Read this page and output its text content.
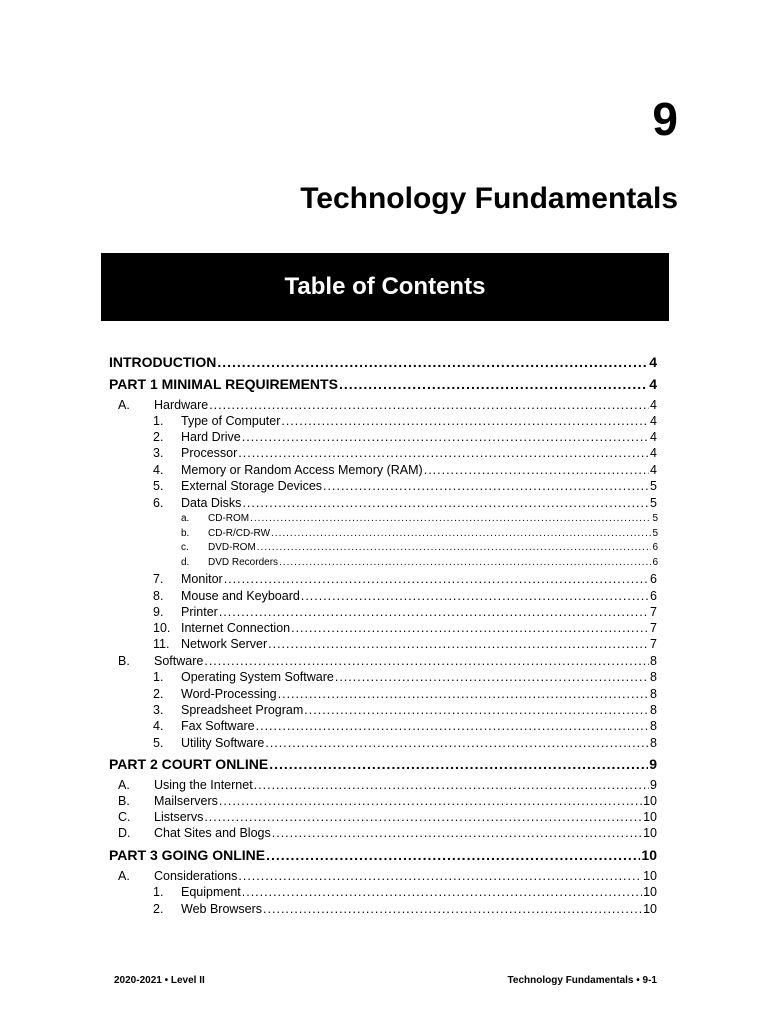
9
Technology Fundamentals
Table of Contents
INTRODUCTION .....	4
PART 1 MINIMAL REQUIREMENTS .....	4
A. Hardware .....	4
1. Type of Computer .....	4
2. Hard Drive .....	4
3. Processor .....	4
4. Memory or Random Access Memory (RAM) .....	4
5. External Storage Devices .....	5
6. Data Disks .....	5
a. CD-ROM .....	5
b. CD-R/CD-RW .....	5
c. DVD-ROM .....	6
d. DVD Recorders .....	6
7. Monitor .....	6
8. Mouse and Keyboard .....	6
9. Printer .....	7
10. Internet Connection .....	7
11. Network Server .....	7
B. Software .....	8
1. Operating System Software .....	8
2. Word-Processing .....	8
3. Spreadsheet Program .....	8
4. Fax Software .....	8
5. Utility Software .....	8
PART 2 COURT ONLINE .....	9
A. Using the Internet .....	9
B. Mailservers .....	10
C. Listservs .....	10
D. Chat Sites and Blogs .....	10
PART 3 GOING ONLINE .....	10
A. Considerations .....	10
1. Equipment .....	10
2. Web Browsers .....	10
2020-2021 • Level II	Technology Fundamentals • 9-1
